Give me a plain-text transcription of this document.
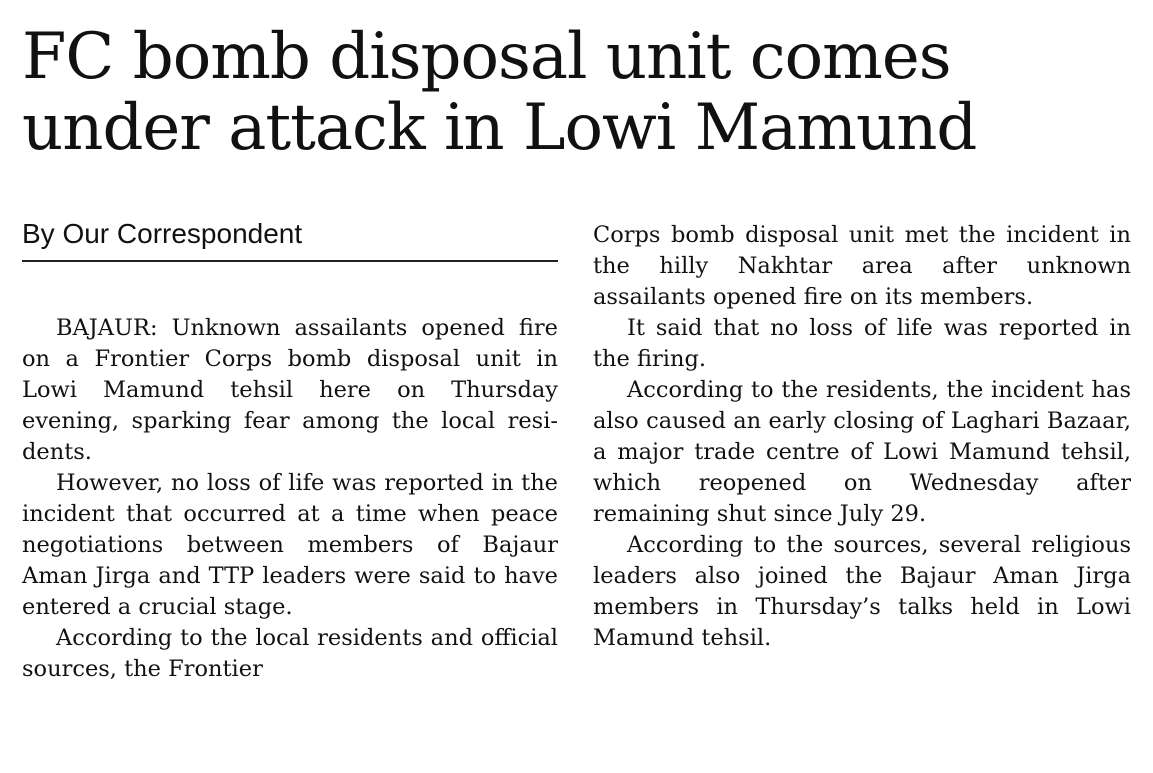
FC bomb disposal unit comes
under attack in Lowi Mamund
By Our Correspondent

BAJAUR: Unknown assailants opened fire on a Frontier Corps bomb disposal unit in Lowi Mamund tehsil here on Thursday evening, sparking fear among the local residents.

However, no loss of life was reported in the incident that occurred at a time when peace negotiations between members of Bajaur Aman Jirga and TTP leaders were said to have entered a crucial stage.

According to the local residents and official sources, the Frontier

Corps bomb disposal unit met the incident in the hilly Nakhtar area after unknown assailants opened fire on its members.

It said that no loss of life was reported in the firing.

According to the residents, the incident has also caused an early closing of Laghari Bazaar, a major trade centre of Lowi Mamund tehsil, which reopened on Wednesday after remaining shut since July 29.

According to the sources, several religious leaders also joined the Bajaur Aman Jirga members in Thursday’s talks held in Lowi Mamund tehsil.
